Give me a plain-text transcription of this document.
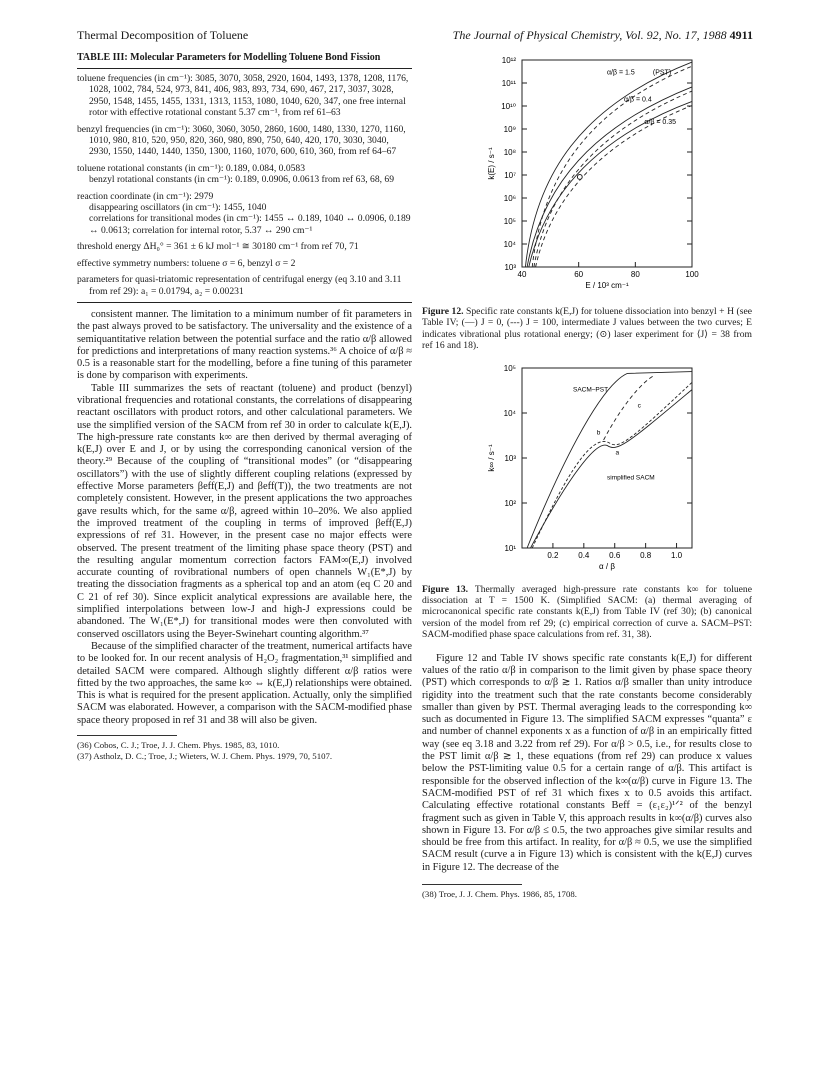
Thermal Decomposition of Toluene	The Journal of Physical Chemistry, Vol. 92, No. 17, 1988 4911
TABLE III: Molecular Parameters for Modelling Toluene Bond Fission
toluene frequencies (in cm⁻¹): 3085, 3070, 3058, 2920, 1604, 1493, 1378, 1208, 1176, 1028, 1002, 784, 524, 973, 841, 406, 983, 893, 734, 690, 467, 217, 3037, 3028, 2950, 1548, 1455, 1455, 1331, 1313, 1153, 1080, 1040, 620, 347, one free internal rotor with effective rotational constant 5.37 cm⁻¹, from ref 61–63
benzyl frequencies (in cm⁻¹): 3060, 3060, 3050, 2860, 1600, 1480, 1330, 1270, 1160, 1010, 980, 810, 520, 950, 820, 360, 980, 890, 750, 640, 420, 170, 3030, 3040, 2930, 1550, 1440, 1440, 1350, 1300, 1160, 1070, 600, 610, 360, from ref 64–67
toluene rotational constants (in cm⁻¹): 0.189, 0.084, 0.0583
benzyl rotational constants (in cm⁻¹): 0.189, 0.0906, 0.0613 from ref 63, 68, 69
reaction coordinate (in cm⁻¹): 2979
disappearing oscillators (in cm⁻¹): 1455, 1040
correlations for transitional modes (in cm⁻¹): 1455 ↔ 0.189, 1040 ↔ 0.0906, 0.189 ↔ 0.0613; correlation for internal rotor, 5.37 ↔ 290 cm⁻¹
threshold energy ΔH₀° = 361 ± 6 kJ mol⁻¹ ≅ 30180 cm⁻¹ from ref 70, 71
effective symmetry numbers: toluene σ = 6, benzyl σ = 2
parameters for quasi-triatomic representation of centrifugal energy (eq 3.10 and 3.11 from ref 29): a₁ = 0.01794, a₂ = 0.00231

consistent manner. The limitation to a minimum number of fit parameters in the past always proved to be satisfactory. The universality and the existence of a semiquantitative relation between the potential surface and the ratio α/β allowed for predictions and interpretations of many reaction systems.³⁶ A choice of α/β ≈ 0.5 is a reasonable start for the modelling, before a fine tuning of this parameter is done by comparison with experiments.

Table III summarizes the sets of reactant (toluene) and product (benzyl) vibrational frequencies and rotational constants, the correlations of disappearing reactant oscillators with product rotors, and other calculational parameters. We use the simplified version of the SACM from ref 30 in order to calculate k(E,J). The high-pressure rate constants k∞ are then derived by thermal averaging of k(E,J) over E and J, or by using the corresponding canonical version of the theory.²⁹ Because of the coupling of “transitional modes” (or “disappearing oscillators”) with the use of slightly different coupling relations (expressed by effective Morse parameters βeff(E,J) and βeff(T)), the two treatments are not completely consistent. However, in the present applications the two approaches gave results which, for the same α/β, agreed within 10–20%. We also applied the improved treatment of the coupling in terms of improved βeff(E,J) expressions of ref 31. However, in the present case no major effects were observed. The present treatment of the limiting phase space theory (PST) and the resulting angular momentum correction factors FAM∞(E,J) involved accurate counting of rovibrational numbers of open channels W₁(E*,J) by treating the dissociation fragments as a spherical top and an atom (eq C 20 and C 21 of ref 30). Since explicit analytical expressions are available here, the simplified interpolations between low-J and high-J expressions could be abandoned. The W₁(E*,J) for transitional modes were then convoluted with conserved oscillators using the Beyer-Swinehart counting algorithm.³⁷

Because of the simplified character of the treatment, numerical artifacts have to be looked for. In our recent analysis of H₂O₂ fragmentation,³¹ simplified and detailed SACM were compared. Although slightly different α/β ratios were fitted by the two approaches, the same k∞ ⇔ k(E,J) relationships were obtained. This is what is required for the present application. Actually, only the simplified SACM was elaborated. However, a comparison with the SACM-modified phase space theory proposed in ref 31 and 38 will also be given.

(36) Cobos, C. J.; Troe, J. J. Chem. Phys. 1985, 83, 1010.

(37) Astholz, D. C.; Troe, J.; Wieters, W. J. Chem. Phys. 1979, 70, 5107.

10³
10⁴
10⁵
10⁶
10⁷
10⁸
10⁹
10¹⁰
10¹¹
10¹²
40	60	80	100
E / 10³ cm⁻¹
k(E) / s⁻¹
α/β = 1.5	(PST)
α/β = 0.4
α/β = 0.35

Figure 12. Specific rate constants k(E,J) for toluene dissociation into benzyl + H (see Table IV; (—) J = 0, (‐‐‐) J = 100, intermediate J values between the two curves; E indicates vibrational plus rotational energy; (⊙) laser experiment for ⟨J⟩ = 38 from ref 16 and 18).

10¹
10²
10³
10⁴
10⁵
0.2 0.4 0.6 0.8 1.0
α / β
k∞ / s⁻¹
SACM–PST
a
b
c
simplified SACM

Figure 13. Thermally averaged high-pressure rate constants k∞ for toluene dissociation at T = 1500 K. (Simplified SACM: (a) thermal averaging of microcanonical specific rate constants k(E,J) from Table IV (ref 30); (b) canonical version of the model from ref 29; (c) empirical correction of curve a. SACM–PST: SACM-modified phase space calculations from ref. 31, 38).

Figure 12 and Table IV shows specific rate constants k(E,J) for different values of the ratio α/β in comparison to the limit given by phase space theory (PST) which corresponds to α/β ≳ 1. Ratios α/β smaller than unity introduce rigidity into the treatment such that the rate constants become considerably smaller than given by PST. Thermal averaging leads to the corresponding k∞ such as documented in Figure 13. The simplified SACM expresses “quanta” ε and number of channel exponents x as a function of α/β in an empirically fitted way (see eq 3.18 and 3.22 from ref 29). For α/β > 0.5, i.e., for results close to the PST limit α/β ≳ 1, these equations (from ref 29) can produce x values below the PST-limiting value 0.5 for a certain range of α/β. This artifact is responsible for the observed inflection of the k∞(α/β) curve in Figure 13. The SACM-modified PST of ref 31 which fixes x to 0.5 avoids this artifact. Calculating effective rotational constants Beff = (ε₁ε₂)¹ᐟ² of the benzyl fragment such as given in Table V, this approach results in k∞(α/β) curves also shown in Figure 13. For α/β ≤ 0.5, the two approaches give similar results and should be free from this artifact. In reality, for α/β ≈ 0.5, we use the simplified SACM result (curve a in Figure 13) which is consistent with the k(E,J) curves in Figure 12. The decrease of the

(38) Troe, J. J. Chem. Phys. 1986, 85, 1708.
